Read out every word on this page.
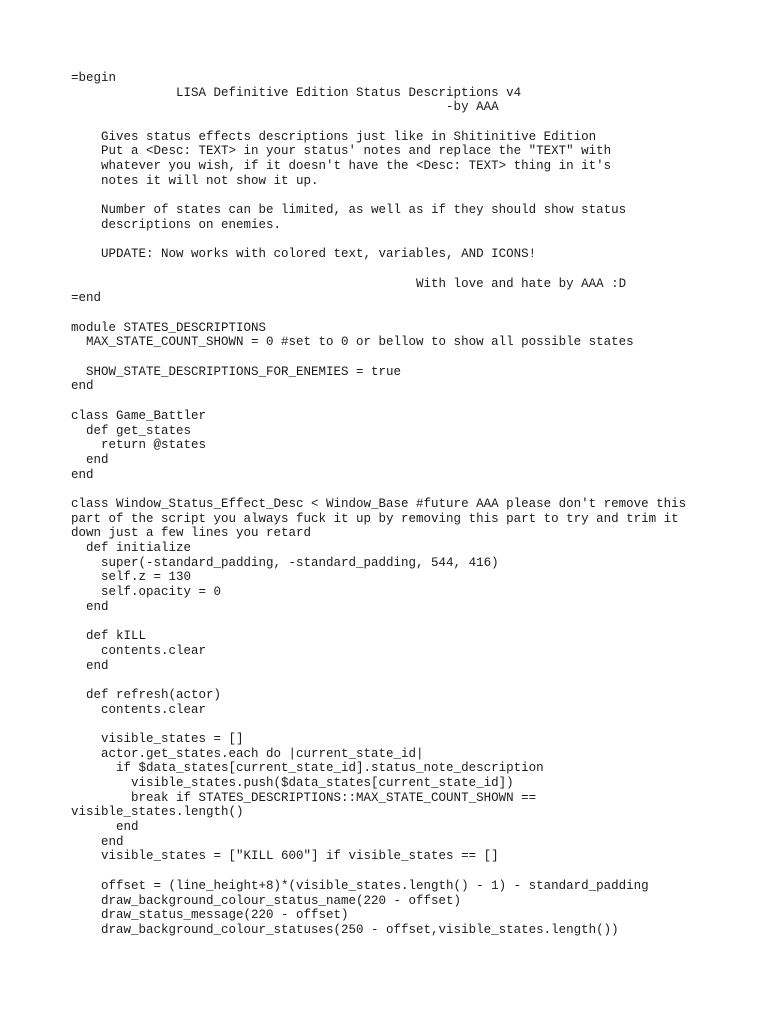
=begin
LISA Definitive Edition Status Descriptions v4
-by AAA
Gives status effects descriptions just like in Shitinitive Edition
Put a <Desc: TEXT> in your status' notes and replace the "TEXT" with
whatever you wish, if it doesn't have the <Desc: TEXT> thing in it's
notes it will not show it up.
Number of states can be limited, as well as if they should show status
descriptions on enemies.
UPDATE: Now works with colored text, variables, AND ICONS!
With love and hate by AAA :D
=end
module STATES_DESCRIPTIONS
MAX_STATE_COUNT_SHOWN = 0 #set to 0 or bellow to show all possible states
SHOW_STATE_DESCRIPTIONS_FOR_ENEMIES = true
end
class Game_Battler
def get_states
return @states
end
end
class Window_Status_Effect_Desc < Window_Base #future AAA please don't remove this
part of the script you always fuck it up by removing this part to try and trim it
down just a few lines you retard
def initialize
super(-standard_padding, -standard_padding, 544, 416)
self.z = 130
self.opacity = 0
end
def kILL
contents.clear
end
def refresh(actor)
contents.clear
visible_states = []
actor.get_states.each do |current_state_id|
if $data_states[current_state_id].status_note_description
visible_states.push($data_states[current_state_id])
break if STATES_DESCRIPTIONS::MAX_STATE_COUNT_SHOWN ==
visible_states.length()
end
end
visible_states = ["KILL 600"] if visible_states == []
offset = (line_height+8)*(visible_states.length() - 1) - standard_padding
draw_background_colour_status_name(220 - offset)
draw_status_message(220 - offset)
draw_background_colour_statuses(250 - offset,visible_states.length())
